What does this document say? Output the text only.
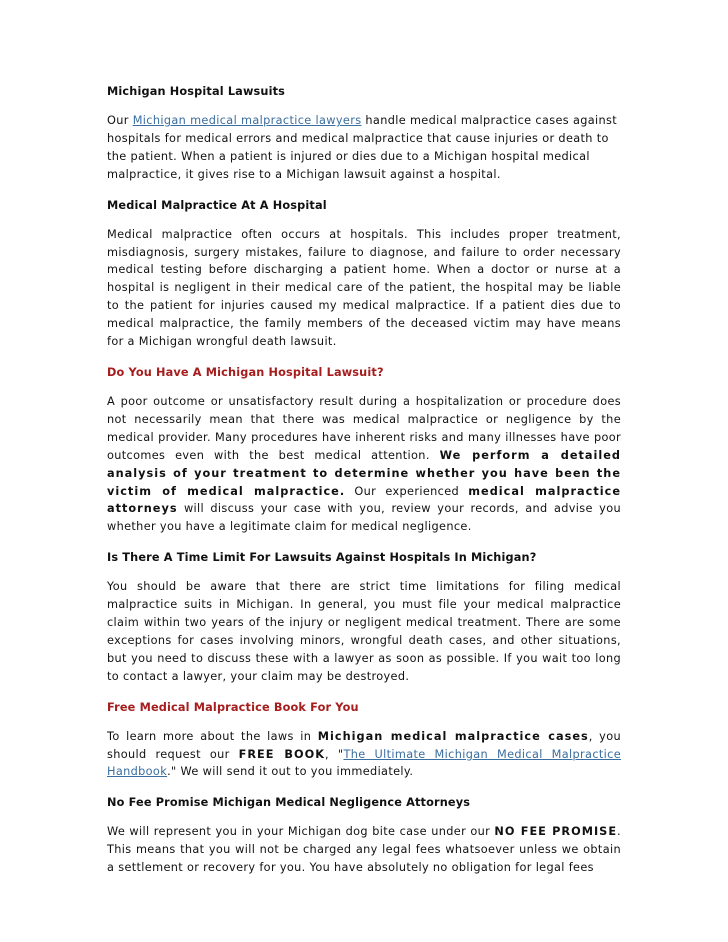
Michigan Hospital Lawsuits

Our Michigan medical malpractice lawyers handle medical malpractice cases against hospitals for medical errors and medical malpractice that cause injuries or death to the patient. When a patient is injured or dies due to a Michigan hospital medical malpractice, it gives rise to a Michigan lawsuit against a hospital.

Medical Malpractice At A Hospital

Medical malpractice often occurs at hospitals. This includes proper treatment, misdiagnosis, surgery mistakes, failure to diagnose, and failure to order necessary medical testing before discharging a patient home. When a doctor or nurse at a hospital is negligent in their medical care of the patient, the hospital may be liable to the patient for injuries caused my medical malpractice. If a patient dies due to medical malpractice, the family members of the deceased victim may have means for a Michigan wrongful death lawsuit.

Do You Have A Michigan Hospital Lawsuit?

A poor outcome or unsatisfactory result during a hospitalization or procedure does not necessarily mean that there was medical malpractice or negligence by the medical provider. Many procedures have inherent risks and many illnesses have poor outcomes even with the best medical attention. We perform a detailed analysis of your treatment to determine whether you have been the victim of medical malpractice. Our experienced medical malpractice attorneys will discuss your case with you, review your records, and advise you whether you have a legitimate claim for medical negligence.

Is There A Time Limit For Lawsuits Against Hospitals In Michigan?

You should be aware that there are strict time limitations for filing medical malpractice suits in Michigan. In general, you must file your medical malpractice claim within two years of the injury or negligent medical treatment. There are some exceptions for cases involving minors, wrongful death cases, and other situations, but you need to discuss these with a lawyer as soon as possible. If you wait too long to contact a lawyer, your claim may be destroyed.

Free Medical Malpractice Book For You

To learn more about the laws in Michigan medical malpractice cases, you should request our FREE BOOK, "The Ultimate Michigan Medical Malpractice Handbook." We will send it out to you immediately.

No Fee Promise Michigan Medical Negligence Attorneys

We will represent you in your Michigan dog bite case under our NO FEE PROMISE. This means that you will not be charged any legal fees whatsoever unless we obtain a settlement or recovery for you. You have absolutely no obligation for legal fees
